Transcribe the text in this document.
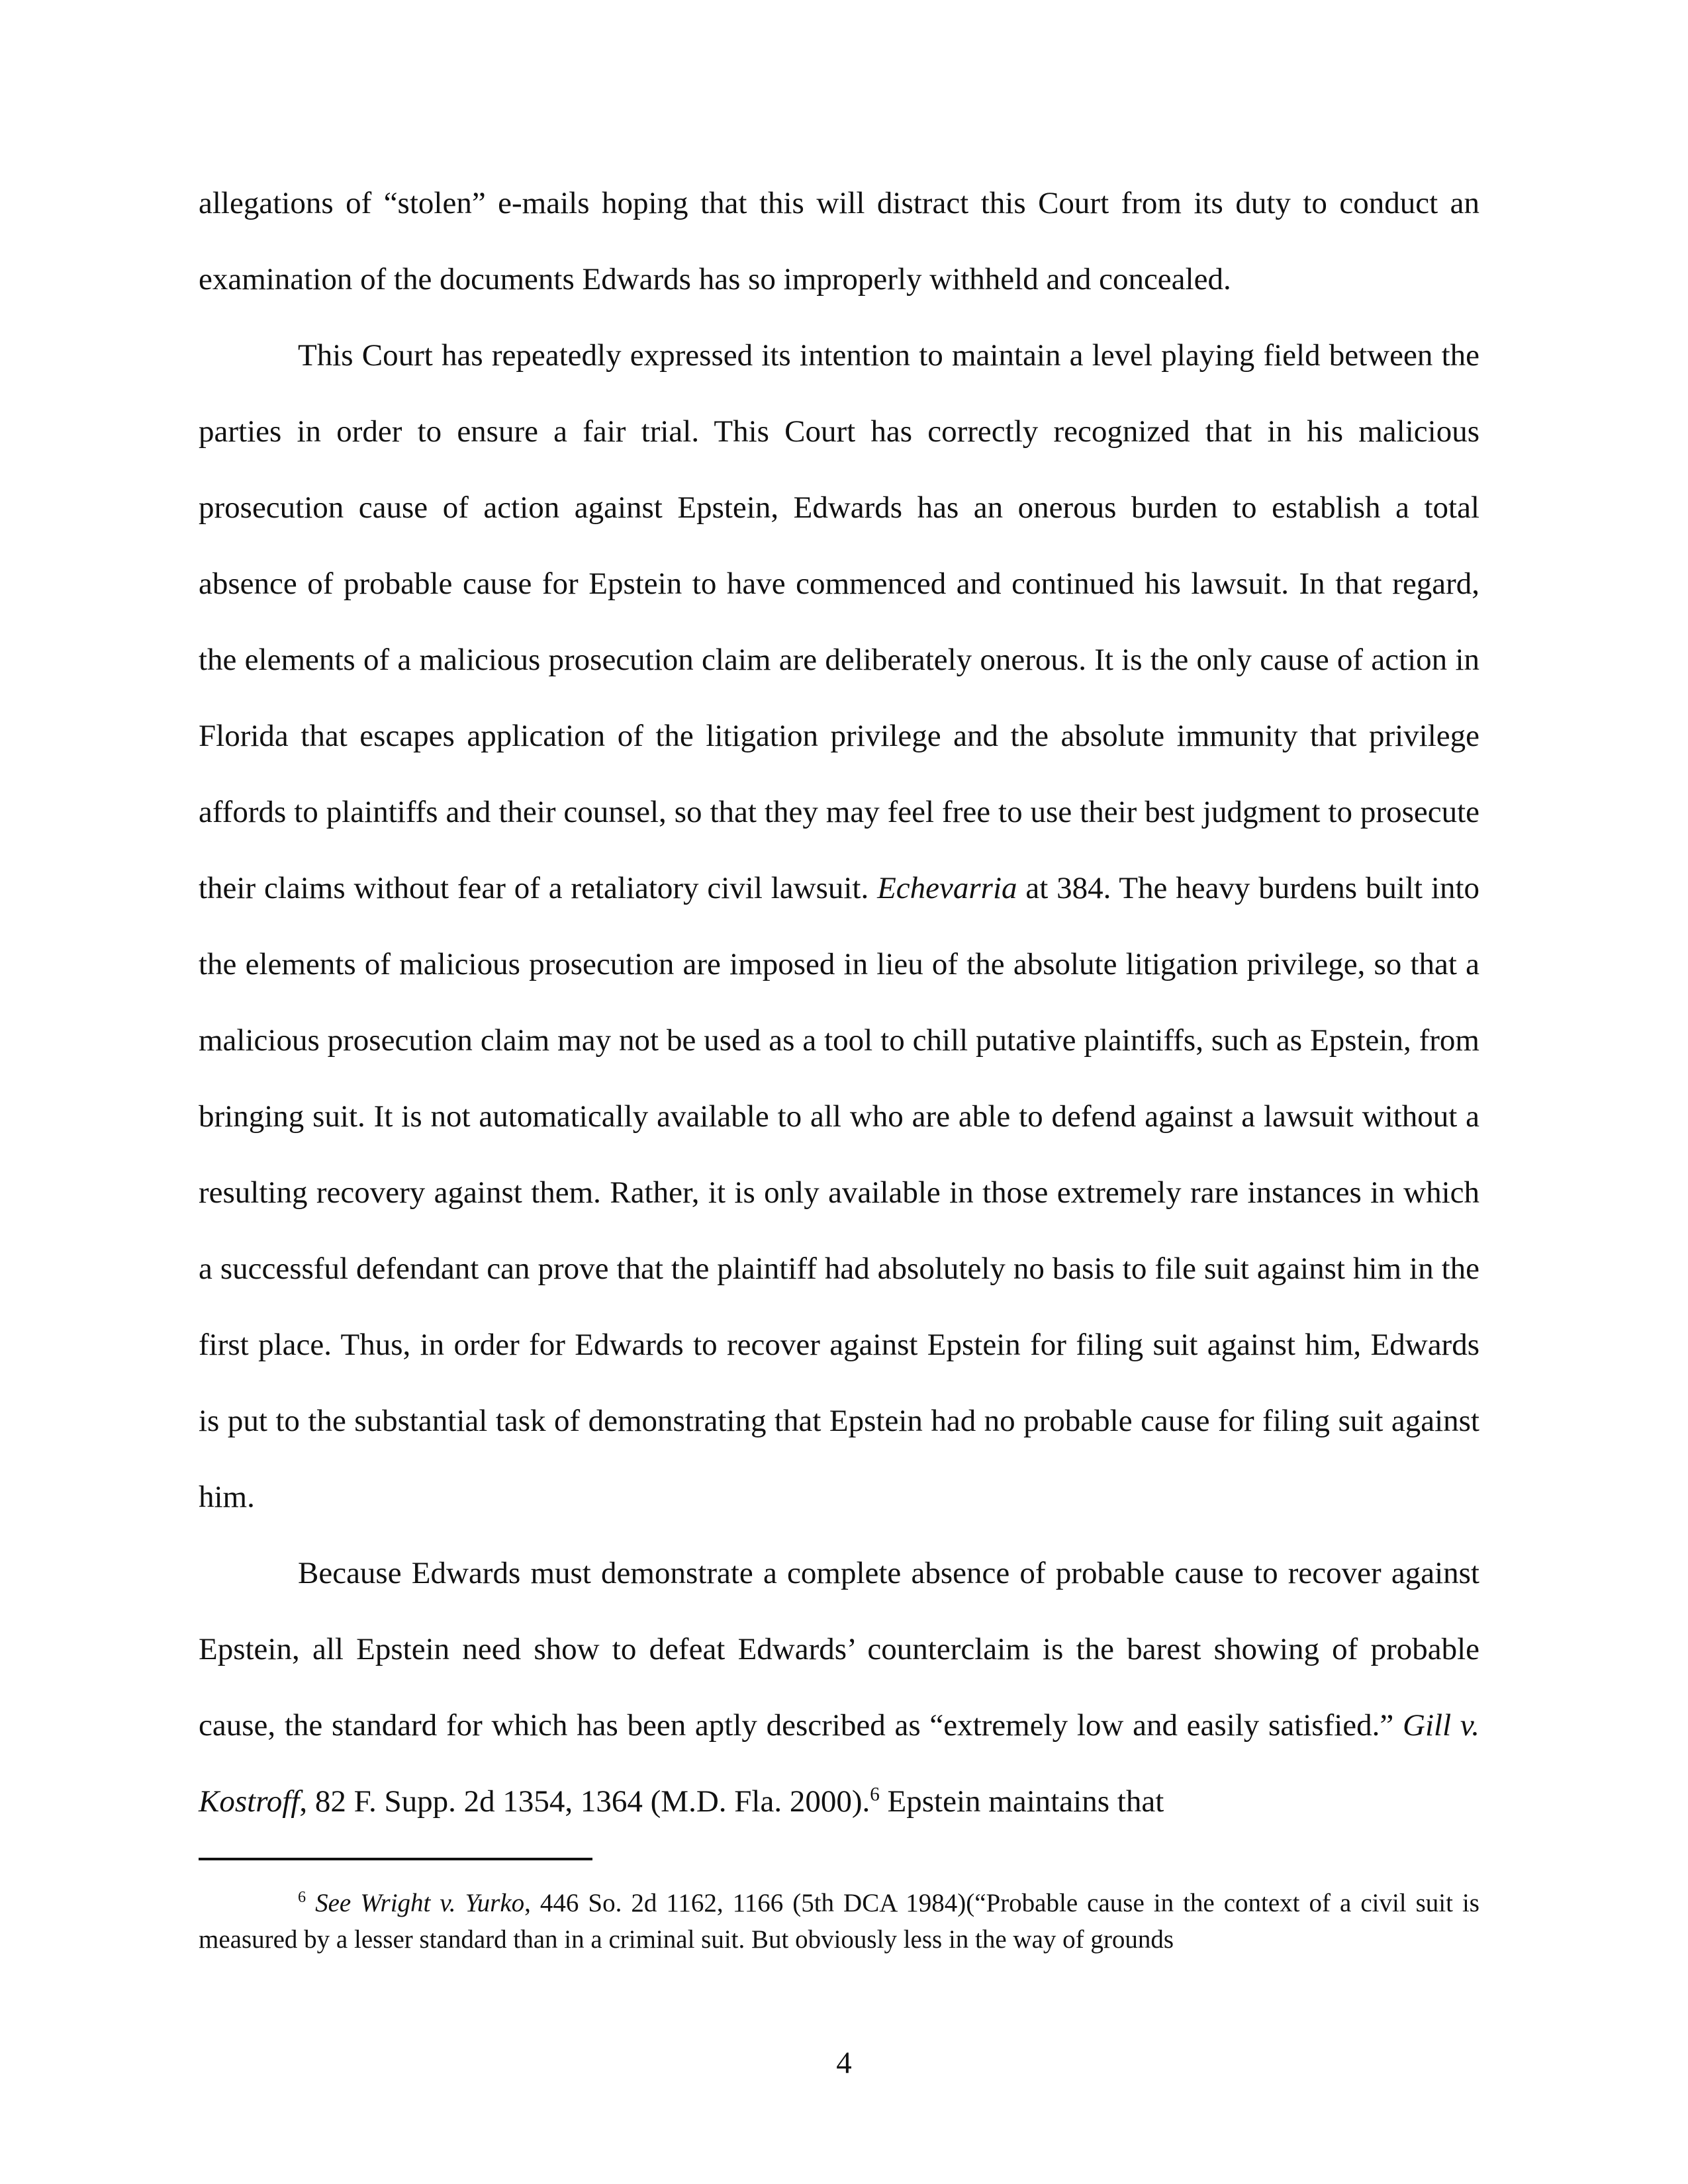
allegations of “stolen” e-mails hoping that this will distract this Court from its duty to conduct an examination of the documents Edwards has so improperly withheld and concealed.

This Court has repeatedly expressed its intention to maintain a level playing field between the parties in order to ensure a fair trial. This Court has correctly recognized that in his malicious prosecution cause of action against Epstein, Edwards has an onerous burden to establish a total absence of probable cause for Epstein to have commenced and continued his lawsuit. In that regard, the elements of a malicious prosecution claim are deliberately onerous. It is the only cause of action in Florida that escapes application of the litigation privilege and the absolute immunity that privilege affords to plaintiffs and their counsel, so that they may feel free to use their best judgment to prosecute their claims without fear of a retaliatory civil lawsuit. Echevarria at 384. The heavy burdens built into the elements of malicious prosecution are imposed in lieu of the absolute litigation privilege, so that a malicious prosecution claim may not be used as a tool to chill putative plaintiffs, such as Epstein, from bringing suit. It is not automatically available to all who are able to defend against a lawsuit without a resulting recovery against them. Rather, it is only available in those extremely rare instances in which a successful defendant can prove that the plaintiff had absolutely no basis to file suit against him in the first place. Thus, in order for Edwards to recover against Epstein for filing suit against him, Edwards is put to the substantial task of demonstrating that Epstein had no probable cause for filing suit against him.

Because Edwards must demonstrate a complete absence of probable cause to recover against Epstein, all Epstein need show to defeat Edwards’ counterclaim is the barest showing of probable cause, the standard for which has been aptly described as “extremely low and easily satisfied.” Gill v. Kostroff, 82 F. Supp. 2d 1354, 1364 (M.D. Fla. 2000).$^6$ Epstein maintains that

$^6$ See Wright v. Yurko, 446 So. 2d 1162, 1166 (5th DCA 1984)(“Probable cause in the context of a civil suit is measured by a lesser standard than in a criminal suit. But obviously less in the way of grounds

4
